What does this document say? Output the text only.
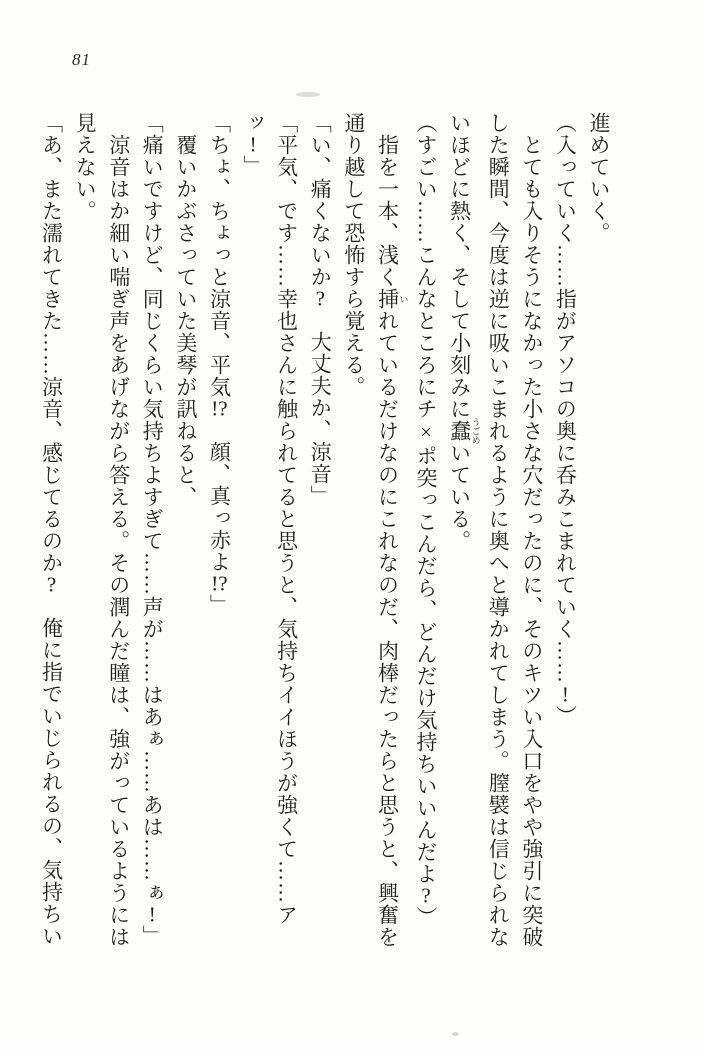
81

進めていく。

（入っていく……指がアソコの奥に呑みこまれていく……!）

とても入りそうになかった小さな穴だったのに、そのキツい入口をやや強引に突破

した瞬間、今度は逆に吸いこまれるように奥へと導かれてしまう。膣襞は信じられな

いほどに熱く、そして小刻みに蠢 うごめいている。

（すごい……こんなところにチ×ポ突っこんだら、どんだけ気持ちいいんだよ?）

指を一本、浅く挿 いれているだけなのにこれなのだ、肉棒だったらと思うと、興奮を

通り越して恐怖すら覚える。

「い、痛くないか?　大丈夫か、涼音」

「平気、です……幸也さんに触られてると思うと、気持ちイイほうが強くて……ア

ッ!」

「ちょ、ちょっと涼音、平気!?　顔、真っ赤よ!?」

覆いかぶさっていた美琴が訊ねると、

「痛いですけど、同じくらい気持ちよすぎて……声が……はあぁ……あは……ぁ!」

涼音はか細い喘ぎ声をあげながら答える。その潤んだ瞳は、強がっているようには

見えない。

「あ、また濡れてきた……涼音、感じてるのか?　俺に指でいじられるの、気持ちい
